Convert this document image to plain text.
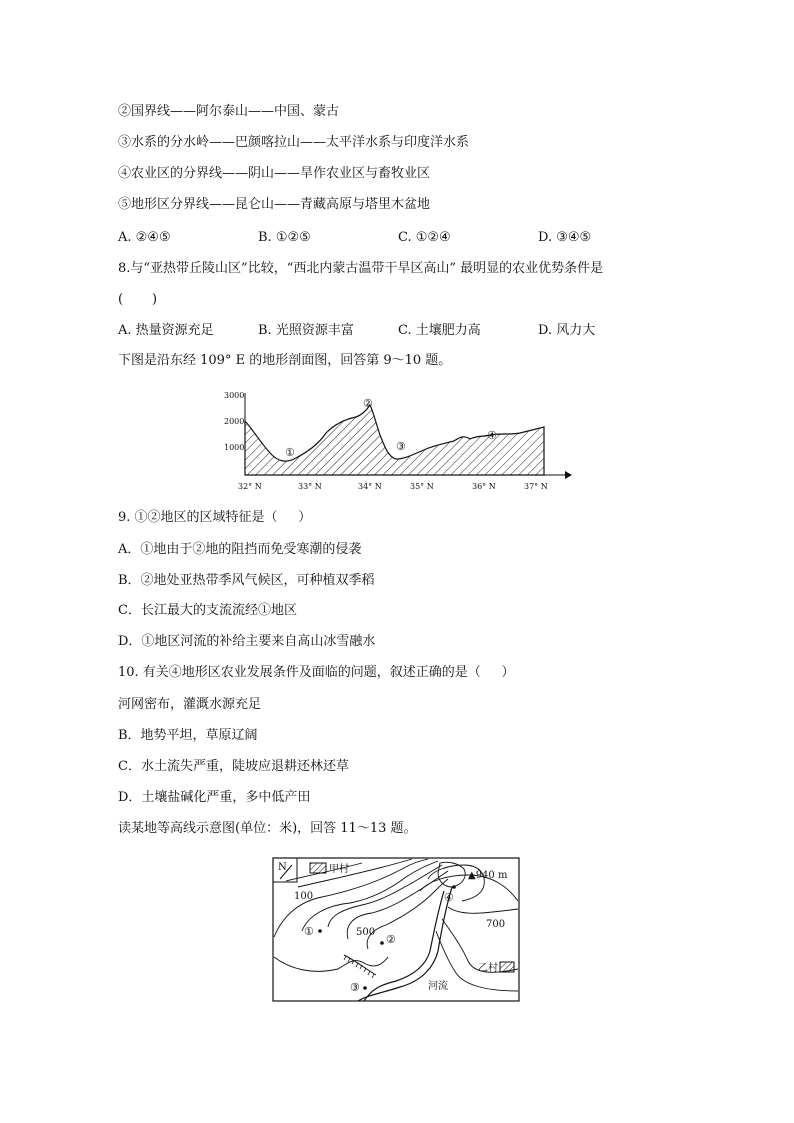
②国界线——阿尔泰山——中国、蒙古
③水系的分水岭——巴颜喀拉山——太平洋水系与印度洋水系
④农业区的分界线——阴山——旱作农业区与畜牧业区
⑤地形区分界线——昆仑山——青藏高原与塔里木盆地
A. ②④⑤	B. ①②⑤	C. ①②④	D. ③④⑤
8.与“亚热带丘陵山区”比较，“西北内蒙古温带干旱区高山” 最明显的农业优势条件是
(       )
A. 热量资源充足	B. 光照资源丰富	C. 土壤肥力高	D. 风力大
下图是沿东经 109° E 的地形剖面图，回答第 9～10 题。
3000
2000
1000	①
②
③
④
32° N	33° N	34° N	35° N	36° N	37° N
9. ①②地区的区域特征是（     ）
A．①地由于②地的阻挡而免受寒潮的侵袭
B．②地处亚热带季风气候区，可种植双季稻
C．长江最大的支流流经①地区
D．①地区河流的补给主要来自高山冰雪融水
10. 有关④地形区农业发展条件及面临的问题，叙述正确的是（     ）
河网密布，灌溉水源充足
B．地势平坦，草原辽阔
C．水土流失严重，陡坡应退耕还林还草
D．土壤盐碱化严重，多中低产田
读某地等高线示意图(单位：米)，回答 11～13 题。
N	甲村
▲940 m
100
500
700
①
②
③
④
河流
乙村
